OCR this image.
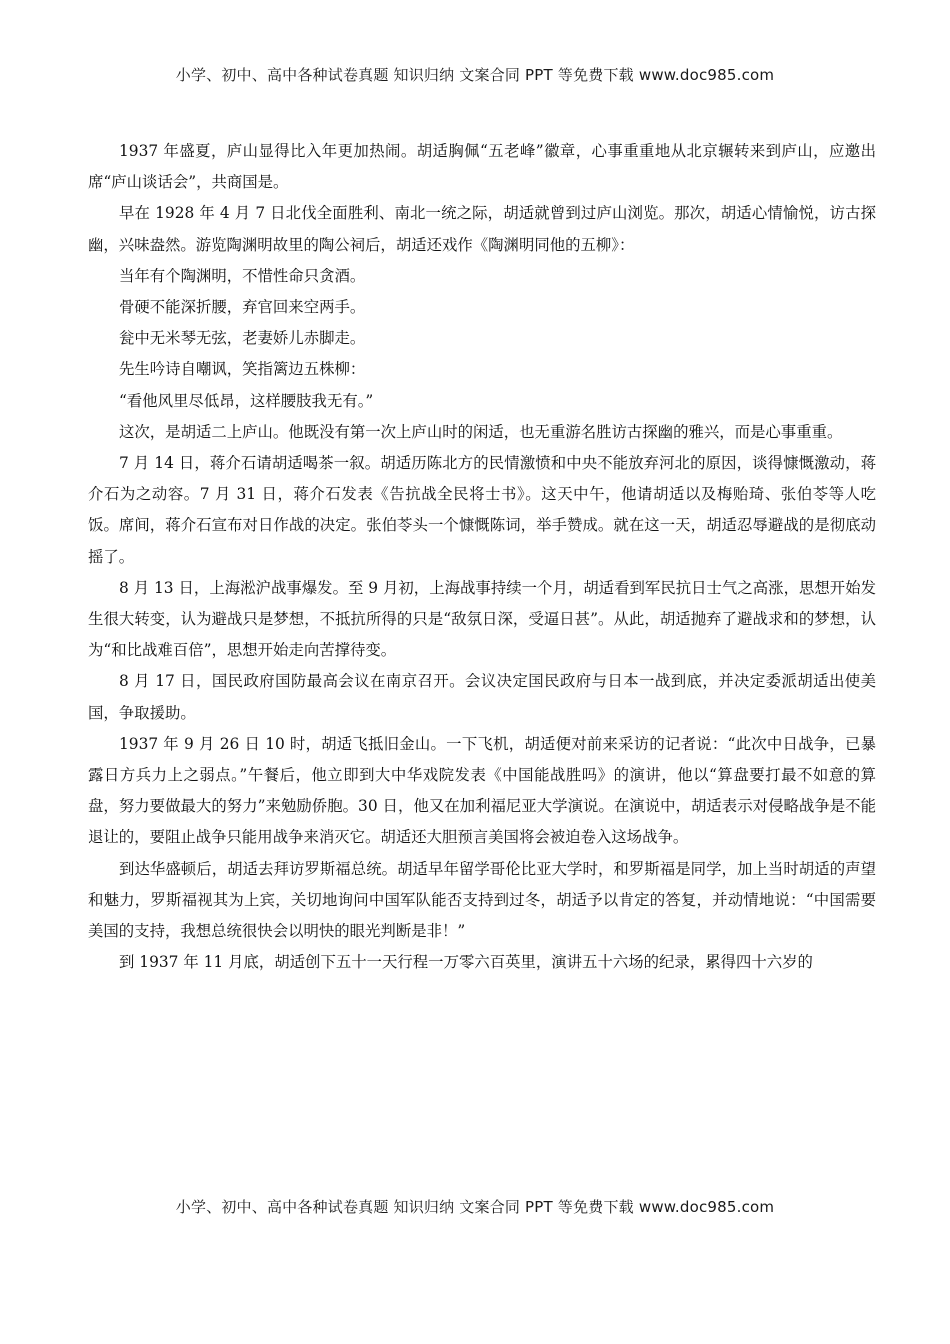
小学、初中、高中各种试卷真题 知识归纳 文案合同 PPT 等免费下载 www.doc985.com

1937 年盛夏，庐山显得比入年更加热闹。胡适胸佩“五老峰”徽章，心事重重地从北京辗转来到庐山，应邀出席“庐山谈话会”，共商国是。

早在 1928 年 4 月 7 日北伐全面胜利、南北一统之际，胡适就曾到过庐山浏览。那次，胡适心情愉悦，访古探幽，兴味盎然。游览陶渊明故里的陶公祠后，胡适还戏作《陶渊明同他的五柳》：

当年有个陶渊明，不惜性命只贪酒。

骨硬不能深折腰，弃官回来空两手。

瓮中无米琴无弦，老妻娇儿赤脚走。

先生吟诗自嘲讽，笑指篱边五株柳：

“看他风里尽低昂，这样腰肢我无有。”

这次，是胡适二上庐山。他既没有第一次上庐山时的闲适，也无重游名胜访古探幽的雅兴，而是心事重重。

7 月 14 日，蒋介石请胡适喝茶一叙。胡适历陈北方的民情激愤和中央不能放弃河北的原因，谈得慷慨激动，蒋介石为之动容。7 月 31 日，蒋介石发表《告抗战全民将士书》。这天中午，他请胡适以及梅贻琦、张伯苓等人吃饭。席间，蒋介石宣布对日作战的决定。张伯苓头一个慷慨陈词，举手赞成。就在这一天，胡适忍辱避战的是彻底动摇了。

8 月 13 日，上海淞沪战事爆发。至 9 月初，上海战事持续一个月，胡适看到军民抗日士气之高涨，思想开始发生很大转变，认为避战只是梦想，不抵抗所得的只是“敌氛日深，受逼日甚”。从此，胡适抛弃了避战求和的梦想，认为“和比战难百倍”，思想开始走向苦撑待变。

8 月 17 日，国民政府国防最高会议在南京召开。会议决定国民政府与日本一战到底，并决定委派胡适出使美国，争取援助。

1937 年 9 月 26 日 10 时，胡适飞抵旧金山。一下飞机，胡适便对前来采访的记者说：“此次中日战争，已暴露日方兵力上之弱点。”午餐后，他立即到大中华戏院发表《中国能战胜吗》的演讲，他以“算盘要打最不如意的算盘，努力要做最大的努力”来勉励侨胞。30 日，他又在加利福尼亚大学演说。在演说中，胡适表示对侵略战争是不能退让的，要阻止战争只能用战争来消灭它。胡适还大胆预言美国将会被迫卷入这场战争。

到达华盛顿后，胡适去拜访罗斯福总统。胡适早年留学哥伦比亚大学时，和罗斯福是同学，加上当时胡适的声望和魅力，罗斯福视其为上宾，关切地询问中国军队能否支持到过冬，胡适予以肯定的答复，并动情地说：“中国需要美国的支持，我想总统很快会以明快的眼光判断是非！”

到 1937 年 11 月底，胡适创下五十一天行程一万零六百英里，演讲五十六场的纪录，累得四十六岁的

小学、初中、高中各种试卷真题 知识归纳 文案合同 PPT 等免费下载 www.doc985.com
